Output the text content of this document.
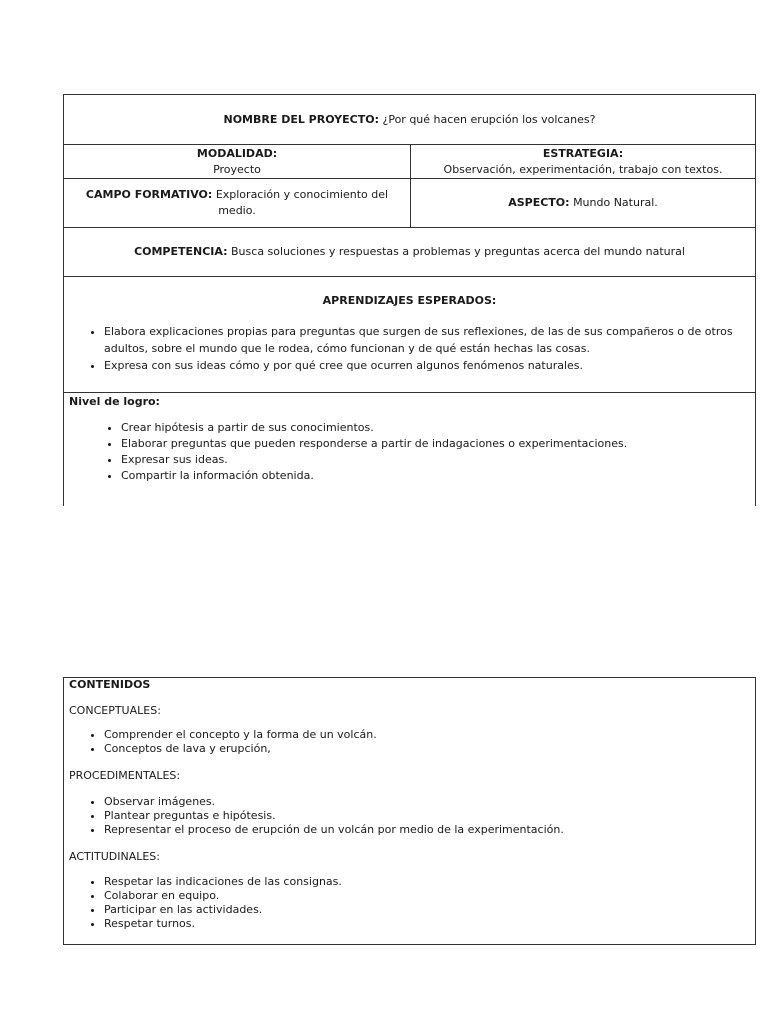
NOMBRE DEL PROYECTO: ¿Por qué hacen erupción los volcanes?
MODALIDAD:
Proyecto
ESTRATEGIA:
Observación, experimentación, trabajo con textos.
CAMPO FORMATIVO: Exploración y conocimiento del
medio.
ASPECTO: Mundo Natural.
COMPETENCIA: Busca soluciones y respuestas a problemas y preguntas acerca del mundo natural
APRENDIZAJES ESPERADOS:
• Elabora explicaciones propias para preguntas que surgen de sus reflexiones, de las de sus compañeros o de otros adultos, sobre el mundo que le rodea, cómo funcionan y de qué están hechas las cosas.
• Expresa con sus ideas cómo y por qué cree que ocurren algunos fenómenos naturales.
Nivel de logro:
• Crear hipótesis a partir de sus conocimientos.
• Elaborar preguntas que pueden responderse a partir de indagaciones o experimentaciones.
• Expresar sus ideas.
• Compartir la información obtenida.
CONTENIDOS
CONCEPTUALES:
• Comprender el concepto y la forma de un volcán.
• Conceptos de lava y erupción,
PROCEDIMENTALES:
• Observar imágenes.
• Plantear preguntas e hipótesis.
• Representar el proceso de erupción de un volcán por medio de la experimentación.
ACTITUDINALES:
• Respetar las indicaciones de las consignas.
• Colaborar en equipo.
• Participar en las actividades.
• Respetar turnos.
